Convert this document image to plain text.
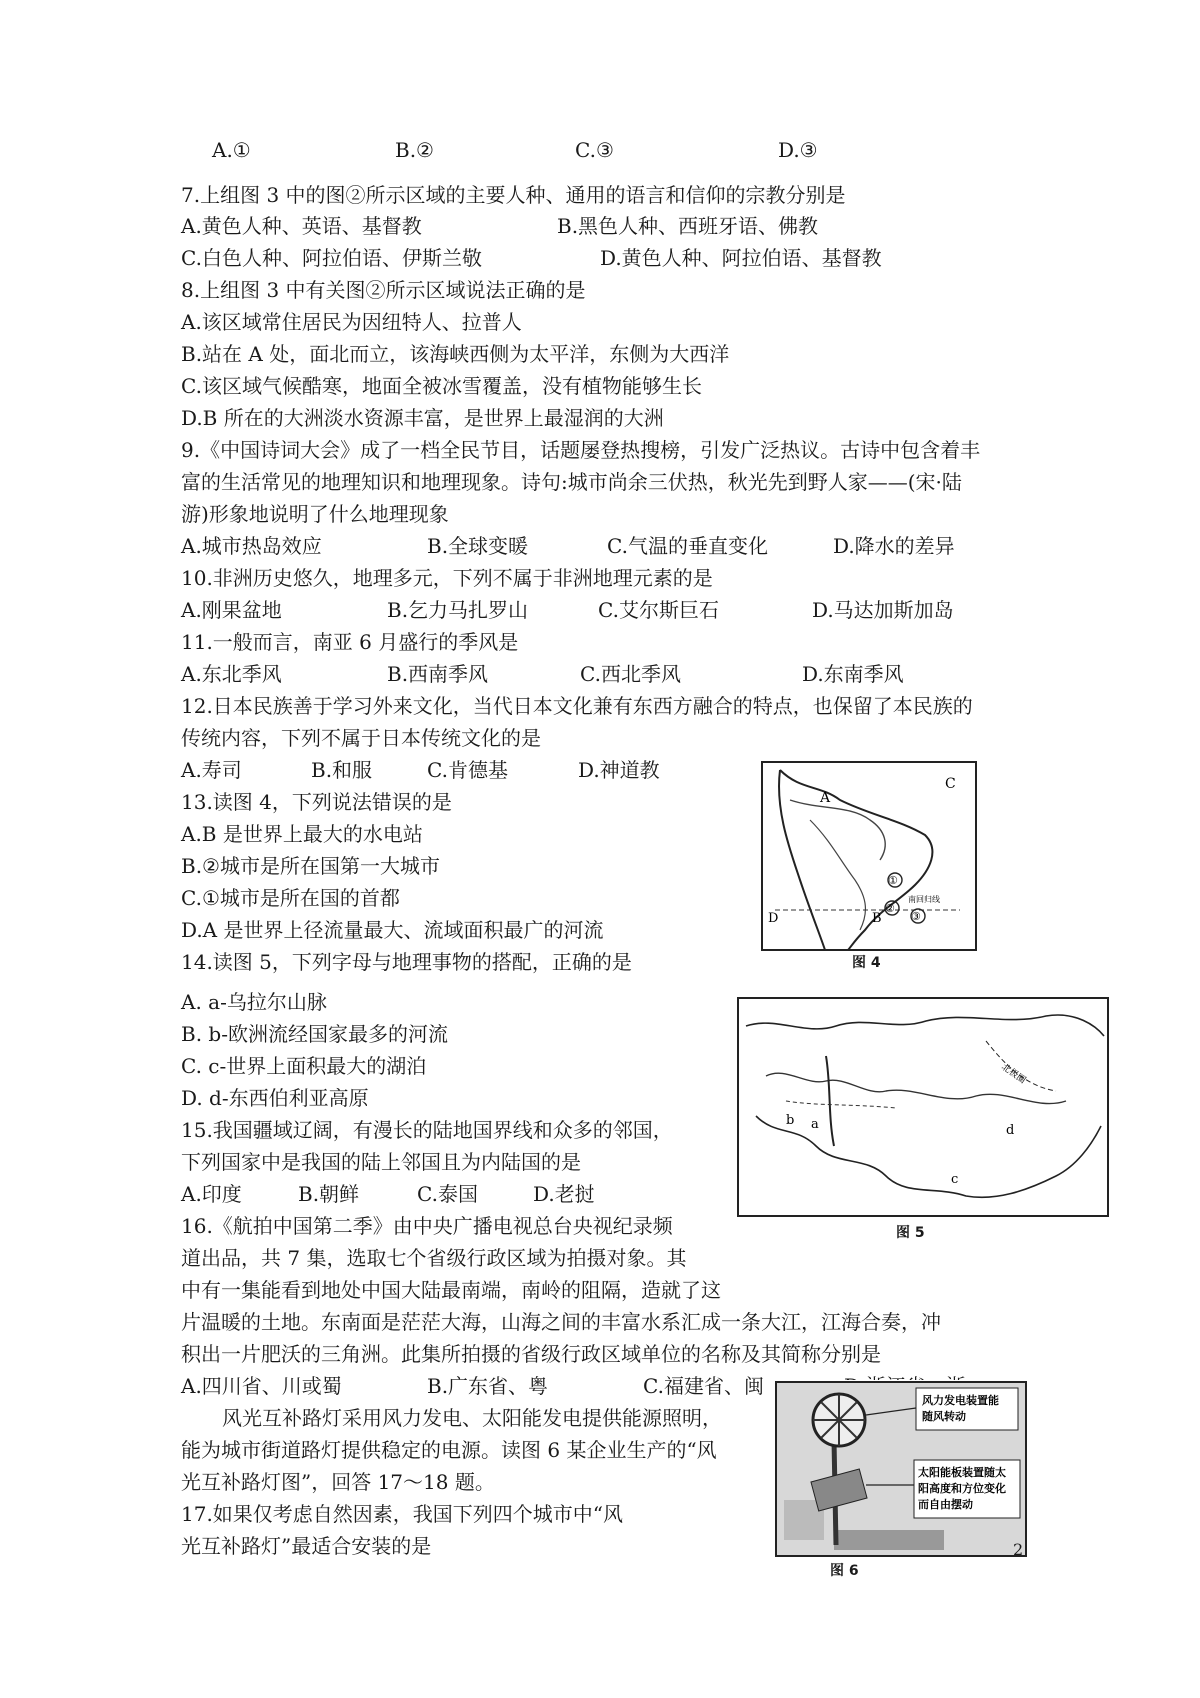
A.①	B.②	C.③	D.③
7.上组图 3 中的图②所示区域的主要人种、通用的语言和信仰的宗教分别是
A.黄色人种、英语、基督教	B.黑色人种、西班牙语、佛教
C.白色人种、阿拉伯语、伊斯兰敬	D.黄色人种、阿拉伯语、基督教
8.上组图 3 中有关图②所示区域说法正确的是
A.该区域常住居民为因纽特人、拉普人
B.站在 A 处，面北而立，该海峡西侧为太平洋，东侧为大西洋
C.该区域气候酷寒，地面全被冰雪覆盖，没有植物能够生长
D.B 所在的大洲淡水资源丰富，是世界上最湿润的大洲
9.《中国诗词大会》成了一档全民节目，话题屡登热搜榜，引发广泛热议。古诗中包含着丰
富的生活常见的地理知识和地理现象。诗句:城市尚余三伏热，秋光先到野人家——(宋·陆
游)形象地说明了什么地理现象
A.城市热岛效应	B.全球变暖	C.气温的垂直变化	D.降水的差异
10.非洲历史悠久，地理多元，下列不属于非洲地理元素的是
A.刚果盆地	B.乞力马扎罗山	C.艾尔斯巨石	D.马达加斯加岛
11.一般而言，南亚 6 月盛行的季风是
A.东北季风	B.西南季风	C.西北季风	D.东南季风
12.日本民族善于学习外来文化，当代日本文化兼有东西方融合的特点，也保留了本民族的
传统内容，下列不属于日本传统文化的是
A.寿司	B.和服	C.肯德基	D.神道教
13.读图 4，下列说法错误的是
A.B 是世界上最大的水电站
B.②城市是所在国第一大城市
C.①城市是所在国的首都
D.A 是世界上径流量最大、流域面积最广的河流
14.读图 5，下列字母与地理事物的搭配，正确的是
A. a-乌拉尔山脉
B. b-欧洲流经国家最多的河流
C. c-世界上面积最大的湖泊
D. d-东西伯利亚高原
15.我国疆域辽阔，有漫长的陆地国界线和众多的邻国，
下列国家中是我国的陆上邻国且为内陆国的是
A.印度	B.朝鲜	C.泰国	D.老挝
16.《航拍中国第二季》由中央广播电视总台央视纪录频
道出品，共 7 集，选取七个省级行政区域为拍摄对象。其
中有一集能看到地处中国大陆最南端，南岭的阻隔，造就了这
片温暖的土地。东南面是茫茫大海，山海之间的丰富水系汇成一条大江，江海合奏，冲
积出一片肥沃的三角洲。此集所拍摄的省级行政区域单位的名称及其简称分别是
A.四川省、川或蜀	B.广东省、粤	C.福建省、闽
风光互补路灯采用风力发电、太阳能发电提供能源照明，
能为城市街道路灯提供稳定的电源。读图 6 某企业生产的“风
光互补路灯图”，回答 17～18 题。
17.如果仅考虑自然因素，我国下列四个城市中“风
光互补路灯”最适合安装的是
A
C
B
D
①
②
③
南回归线
图 4
a
b
c
d
北极圈
图 5
风力发电装置能
随风转动
太阳能板装置随太
阳高度和方位变化
而自由摆动
图 6
2
